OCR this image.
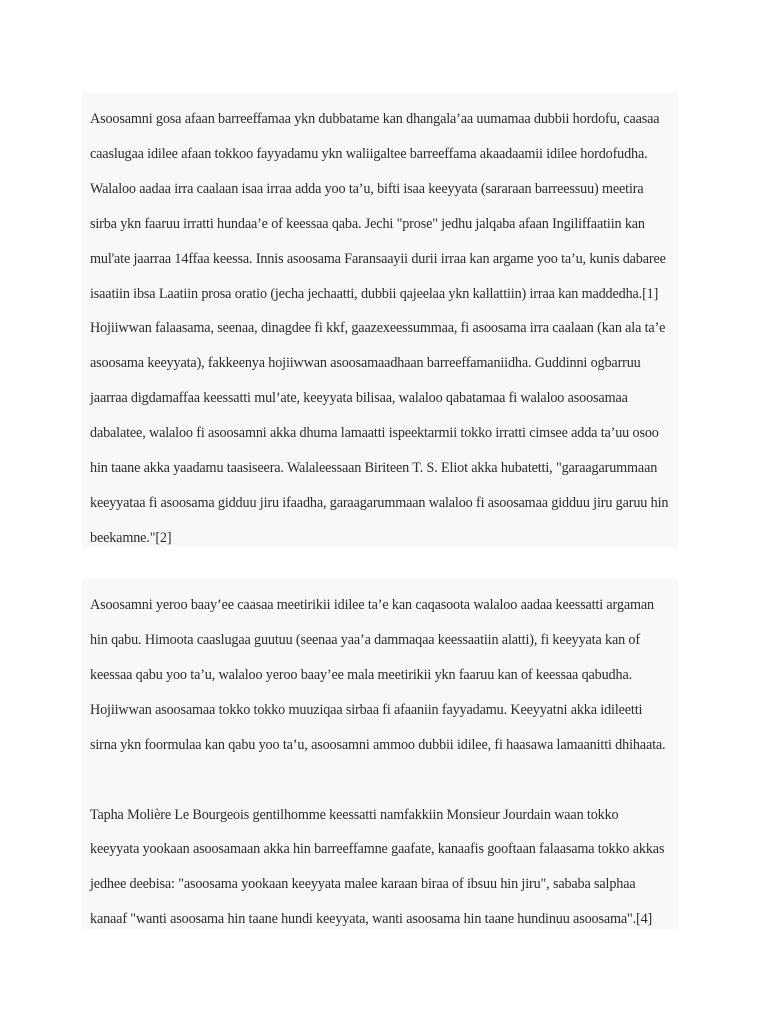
Asoosamni gosa afaan barreeffamaa ykn dubbatame kan dhangala’aa uumamaa dubbii hordofu, caasaa caaslugaa idilee afaan tokkoo fayyadamu ykn waliigaltee barreeffama akaadaamii idilee hordofudha. Walaloo aadaa irra caalaan isaa irraa adda yoo ta’u, bifti isaa keeyyata (sararaan barreessuu) meetira sirba ykn faaruu irratti hundaa’e of keessaa qaba. Jechi "prose" jedhu jalqaba afaan Ingiliffaatiin kan mul'ate jaarraa 14ffaa keessa. Innis asoosama Faransaayii durii irraa kan argame yoo ta’u, kunis dabaree isaatiin ibsa Laatiin prosa oratio (jecha jechaatti, dubbii qajeelaa ykn kallattiin) irraa kan maddedha.[1] Hojiiwwan falaasama, seenaa, dinagdee fi kkf, gaazexeessummaa, fi asoosama irra caalaan (kan ala ta’e asoosama keeyyata), fakkeenya hojiiwwan asoosamaadhaan barreeffamaniidha. Guddinni ogbarruu jaarraa digdamaffaa keessatti mul’ate, keeyyata bilisaa, walaloo qabatamaa fi walaloo asoosamaa dabalatee, walaloo fi asoosamni akka dhuma lamaatti ispeektarmii tokko irratti cimsee adda ta’uu osoo hin taane akka yaadamu taasiseera. Walaleessaan Biriteen T. S. Eliot akka hubatetti, "garaagarummaan keeyyataa fi asoosama gidduu jiru ifaadha, garaagarummaan walaloo fi asoosamaa gidduu jiru garuu hin beekamne."[2]

Asoosamni yeroo baay’ee caasaa meetirikii idilee ta’e kan caqasoota walaloo aadaa keessatti argaman hin qabu. Himoota caaslugaa guutuu (seenaa yaa’a dammaqaa keessaatiin alatti), fi keeyyata kan of keessaa qabu yoo ta’u, walaloo yeroo baay’ee mala meetirikii ykn faaruu kan of keessaa qabudha. Hojiiwwan asoosamaa tokko tokko muuziqaa sirbaa fi afaaniin fayyadamu. Keeyyatni akka idileetti sirna ykn foormulaa kan qabu yoo ta’u, asoosamni ammoo dubbii idilee, fi haasawa lamaanitti dhihaata.

Tapha Molière Le Bourgeois gentilhomme keessatti namfakkiin Monsieur Jourdain waan tokko keeyyata yookaan asoosamaan akka hin barreeffamne gaafate, kanaafis gooftaan falaasama tokko akkas jedhee deebisa: "asoosama yookaan keeyyata malee karaan biraa of ibsuu hin jiru", sababa salphaa kanaaf "wanti asoosama hin taane hundi keeyyata, wanti asoosama hin taane hundinuu asoosama".[4]
